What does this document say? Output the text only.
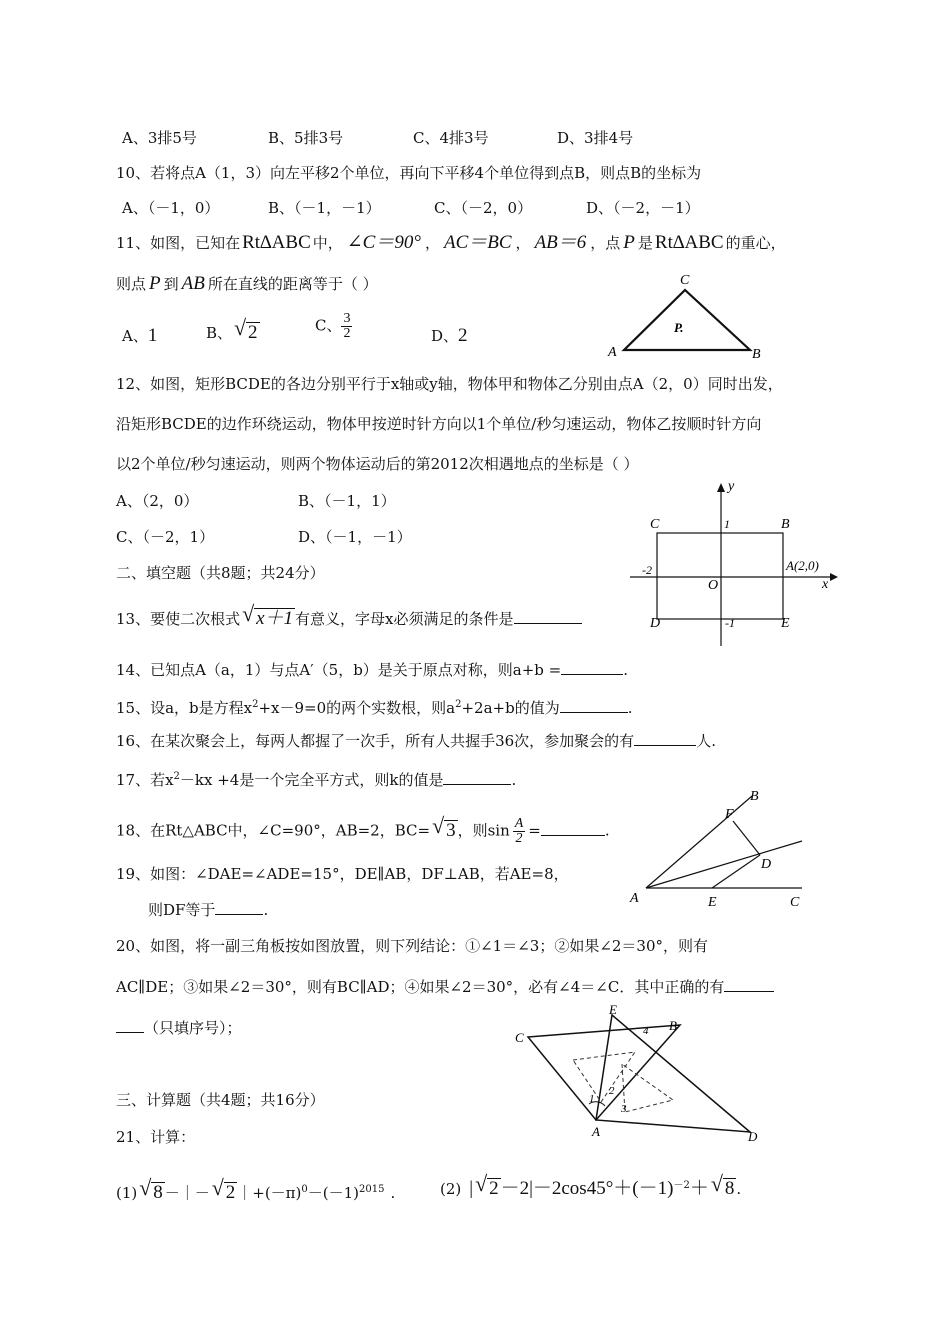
A、3排5号	B、5排3号	C、4排3号	D、3排4号
10、若将点A（1，3）向左平移2个单位，再向下平移4个单位得到点B，则点B的坐标为
A、（－1，0）	B、（－1，－1）	C、（－2，0）	D、（－2，－1）
11、如图，已知在 Rt∆ABC 中， ∠C＝90° ， AC＝BC ， AB＝6 ，点 P 是 Rt∆ABC 的重心，
则点 P 到 AB 所在直线的距离等于（ ）
A、1	B、 √ 2	C、 $\frac{3}{2}$	D、2
C
A	B
P.
12、如图，矩形BCDE的各边分别平行于x轴或y轴，物体甲和物体乙分别由点A（2，0）同时出发，
沿矩形BCDE的边作环绕运动，物体甲按逆时针方向以1个单位/秒匀速运动，物体乙按顺时针方向
以2个单位/秒匀速运动，则两个物体运动后的第2012次相遇地点的坐标是（ ）
A、（2，0）	B、（－1，1）
C、（－2，1）	D、（－1，－1）
y
x
C	B
D	E
O
1
-1
-2	A(2,0)
二、填空题（共8题；共24分）
13、要使二次根式 √ x＋1 有意义，字母x必须满足的条件是
14、已知点A（a，1）与点A′（5，b）是关于原点对称，则a+b =	.
15、设a，b是方程$x^2+x-9=0$的两个实数根，则$a^2+2a+b$的值为	.
16、在某次聚会上，每两人都握了一次手，所有人共握手36次，参加聚会的有	人.
17、若$x^2-kx +4$是一个完全平方式，则k的值是	.
18、在Rt△ABC中，∠C=90°，AB=2，BC= √ 3 ，则$\sin \frac{A}{2}$ =	.
19、如图：∠DAE=∠ADE=15°，DE∥AB，DF⊥AB，若AE=8，
则DF等于	.
B
F
D
A	E	C
20、如图，将一副三角板按如图放置，则下列结论：①∠1＝∠3；②如果∠2＝30°，则有
AC∥DE；③如果∠2＝30°，则有BC∥AD；④如果∠2＝30°，必有∠4＝∠C．其中正确的有
（只填序号）；
E
B
C
A	D
1
2
3
4
三、计算题（共4题；共16分）
21、计算：
(1) √ 8 －｜－ √ 2 $|+(-\pi)^0-(-1)^{2015}$ .	(2) | √ $2 -2|-2\cos 45^\circ+(-1)^{-2}+$ √ 8 .
